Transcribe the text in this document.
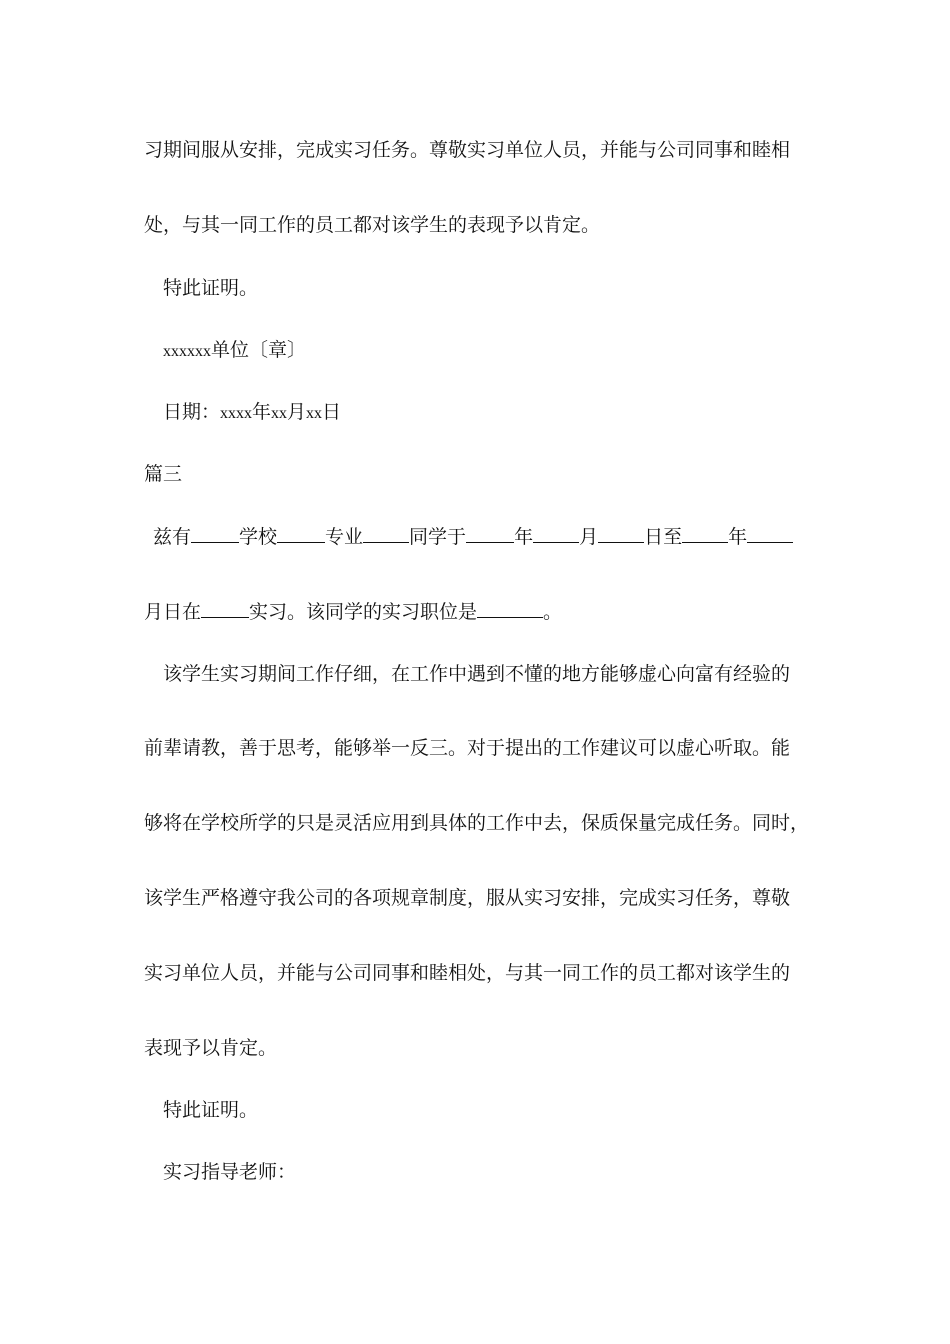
习期间服从安排，完成实习任务。尊敬实习单位人员，并能与公司同事和睦相
处，与其一同工作的员工都对该学生的表现予以肯定。
特此证明。
xxxxxx单位〔章〕
日期：xxxx年xx月xx日
篇三
兹有	学校	专业 同学于	年 月 日至 年
月日在	实习。该同学的实习职位是	。
该学生实习期间工作仔细，在工作中遇到不懂的地方能够虚心向富有经验的
前辈请教，善于思考，能够举一反三。对于提出的工作建议可以虚心听取。能
够将在学校所学的只是灵活应用到具体的工作中去，保质保量完成任务。同时，
该学生严格遵守我公司的各项规章制度，服从实习安排，完成实习任务，尊敬
实习单位人员，并能与公司同事和睦相处，与其一同工作的员工都对该学生的
表现予以肯定。
特此证明。
实习指导老师：
